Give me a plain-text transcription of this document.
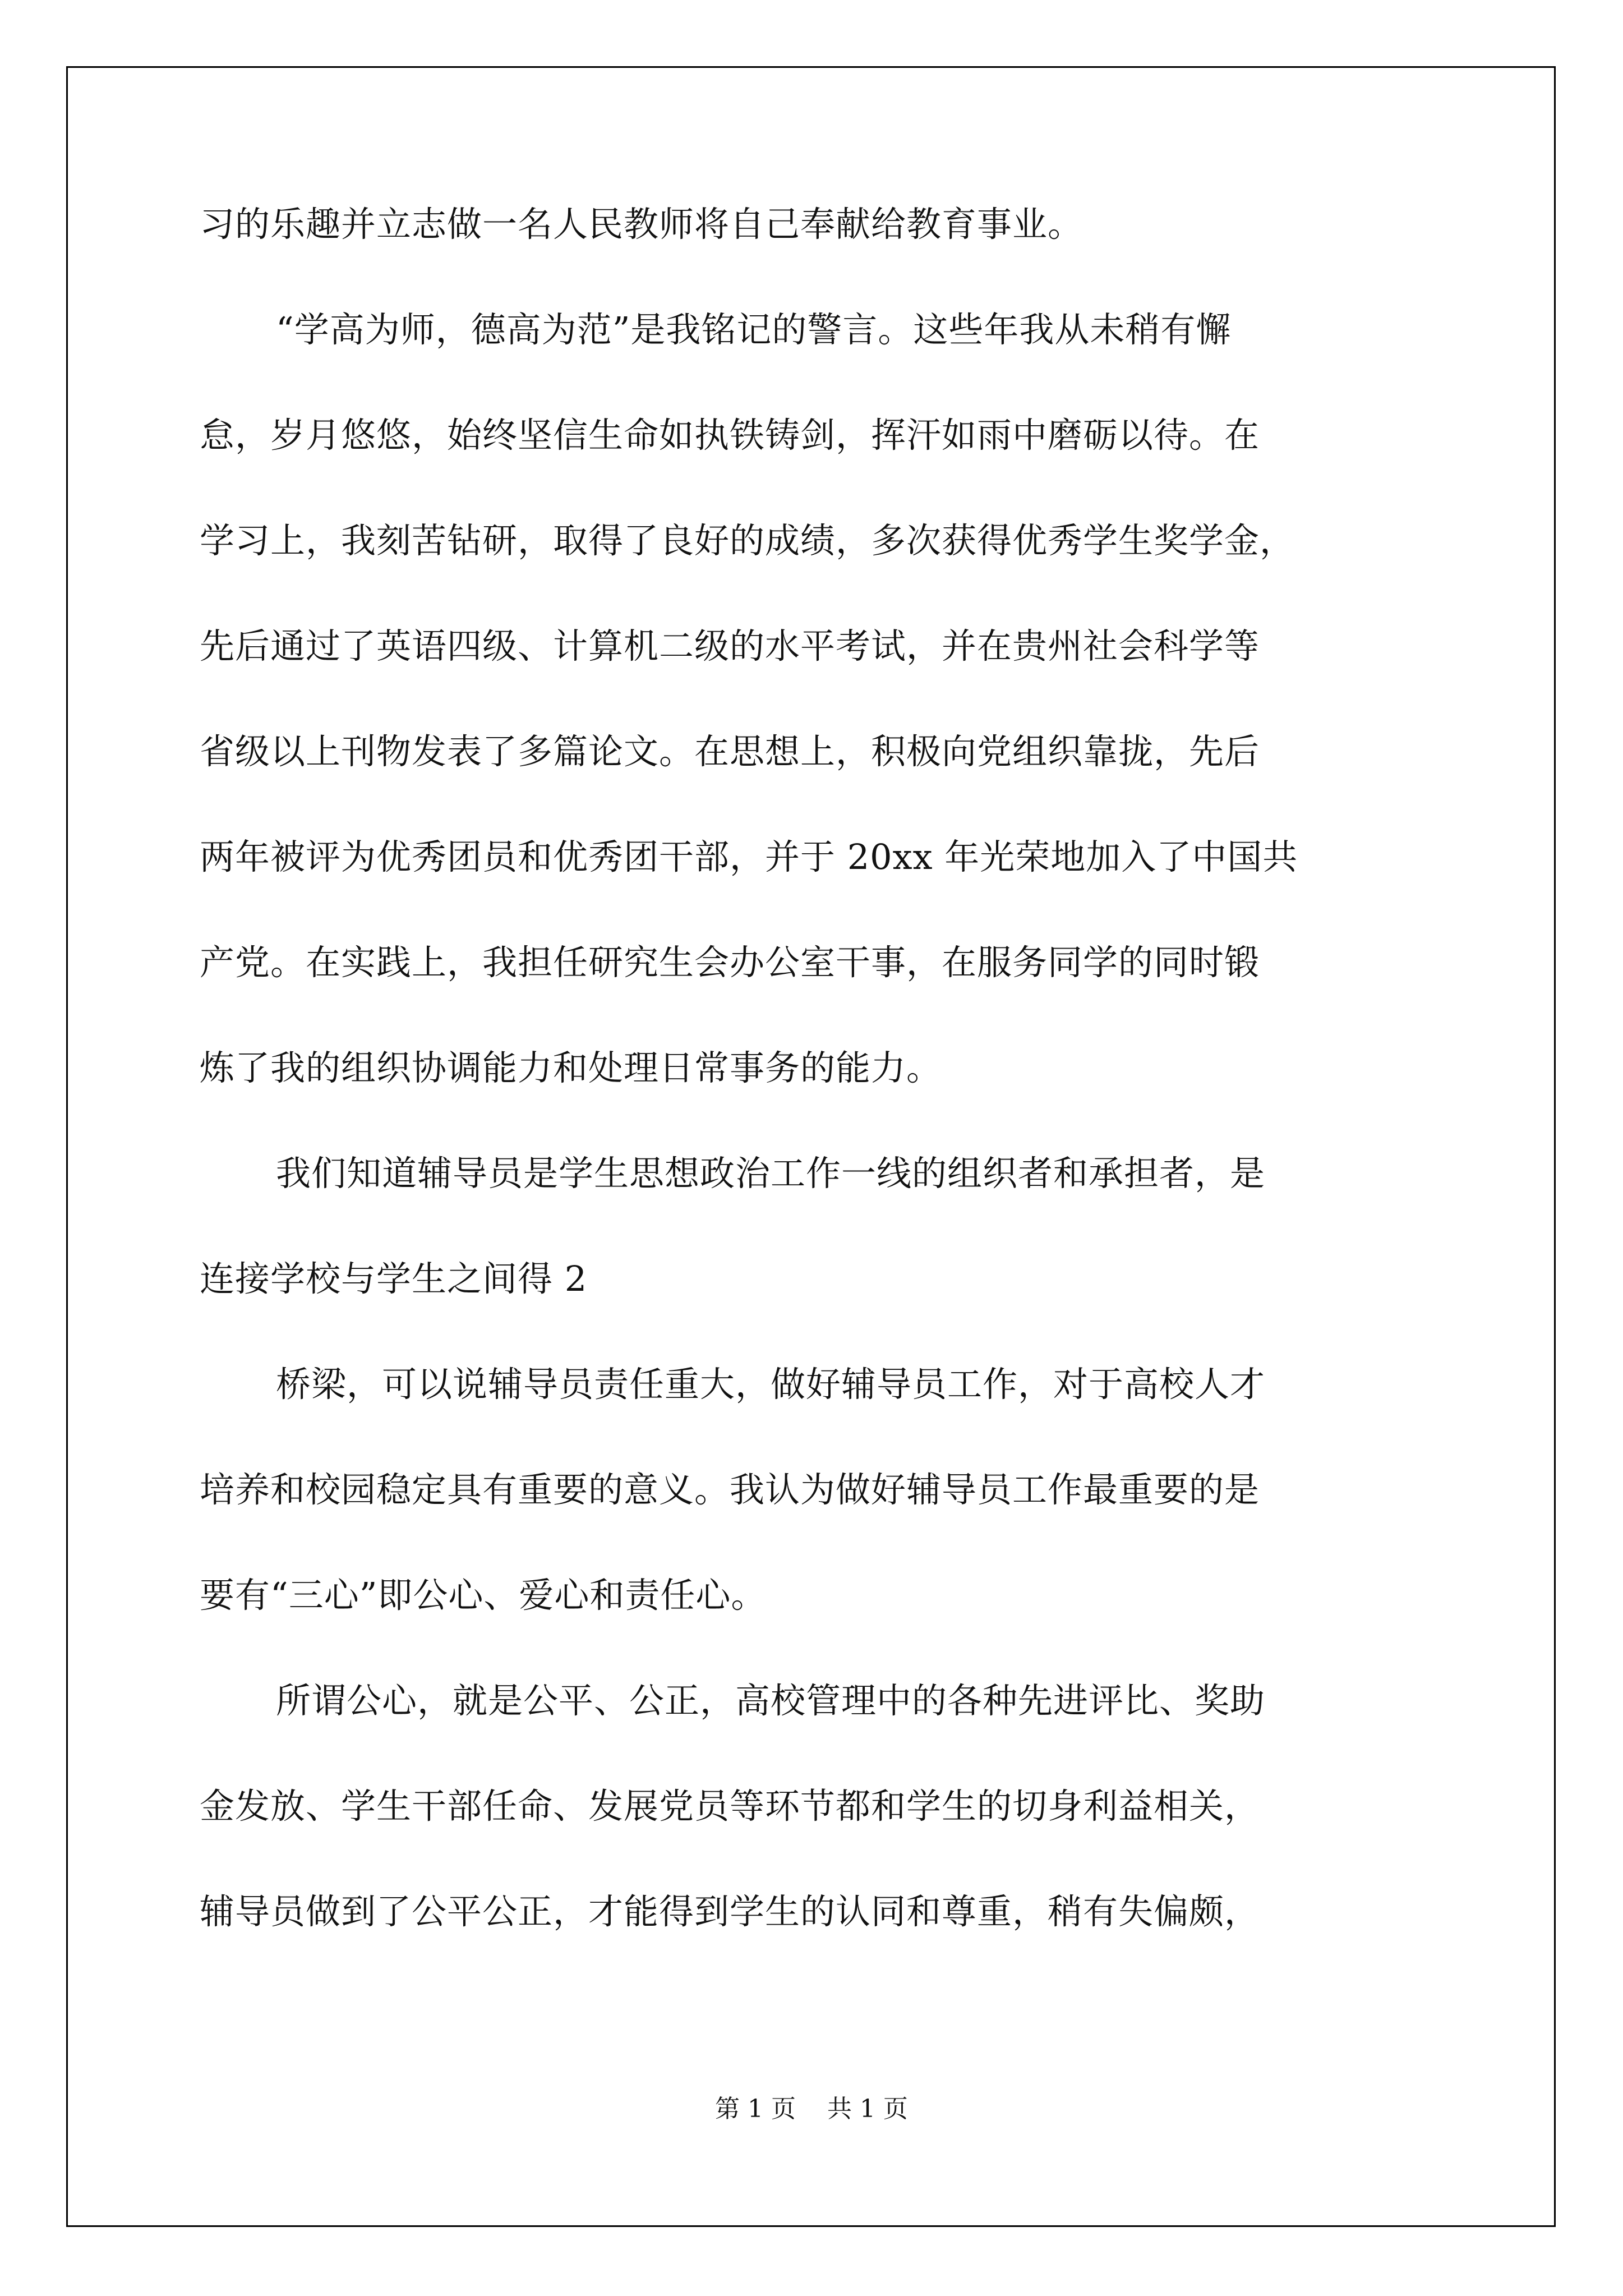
习的乐趣并立志做一名人民教师将自己奉献给教育事业。
“学高为师，德高为范”是我铭记的警言。这些年我从未稍有懈
怠，岁月悠悠，始终坚信生命如执铁铸剑，挥汗如雨中磨砺以待。在
学习上，我刻苦钻研，取得了良好的成绩，多次获得优秀学生奖学金，
先后通过了英语四级、计算机二级的水平考试，并在贵州社会科学等
省级以上刊物发表了多篇论文。在思想上，积极向党组织靠拢，先后
两年被评为优秀团员和优秀团干部，并于 20xx 年光荣地加入了中国共
产党。在实践上，我担任研究生会办公室干事，在服务同学的同时锻
炼了我的组织协调能力和处理日常事务的能力。
我们知道辅导员是学生思想政治工作一线的组织者和承担者，是
连接学校与学生之间得 2
桥梁，可以说辅导员责任重大，做好辅导员工作，对于高校人才
培养和校园稳定具有重要的意义。我认为做好辅导员工作最重要的是
要有“三心”即公心、爱心和责任心。
所谓公心，就是公平、公正，高校管理中的各种先进评比、奖助
金发放、学生干部任命、发展党员等环节都和学生的切身利益相关，
辅导员做到了公平公正，才能得到学生的认同和尊重，稍有失偏颇，
第 1 页    共 1 页
